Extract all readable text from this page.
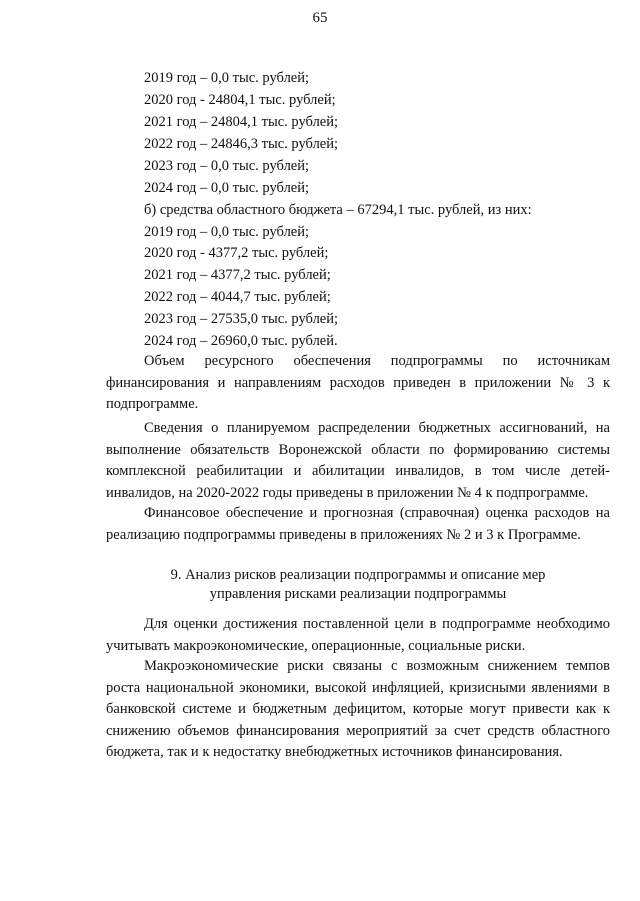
65
2019 год – 0,0 тыс. рублей;
2020 год - 24804,1 тыс. рублей;
2021 год – 24804,1 тыс. рублей;
2022 год – 24846,3 тыс. рублей;
2023 год – 0,0 тыс. рублей;
2024 год – 0,0 тыс. рублей;
б) средства областного бюджета – 67294,1 тыс. рублей, из них:
2019 год – 0,0 тыс. рублей;
2020 год - 4377,2 тыс. рублей;
2021 год – 4377,2 тыс. рублей;
2022 год – 4044,7 тыс. рублей;
2023 год – 27535,0 тыс. рублей;
2024 год – 26960,0 тыс. рублей.

Объем ресурсного обеспечения подпрограммы по источникам финансирования и направлениям расходов приведен в приложении № 3 к подпрограмме.

Сведения о планируемом распределении бюджетных ассигнований, на выполнение обязательств Воронежской области по формированию системы комплексной реабилитации и абилитации инвалидов, в том числе детей-инвалидов, на 2020-2022 годы приведены в приложении № 4 к подпрограмме.

Финансовое обеспечение и прогнозная (справочная) оценка расходов на реализацию подпрограммы приведены в приложениях № 2 и 3 к Программе.

9. Анализ рисков реализации подпрограммы и описание мер
управления рисками реализации подпрограммы

Для оценки достижения поставленной цели в подпрограмме необходимо учитывать макроэкономические, операционные, социальные риски.

Макроэкономические риски связаны с возможным снижением темпов роста национальной экономики, высокой инфляцией, кризисными явлениями в банковской системе и бюджетным дефицитом, которые могут привести как к снижению объемов финансирования мероприятий за счет средств областного бюджета, так и к недостатку внебюджетных источников финансирования.
